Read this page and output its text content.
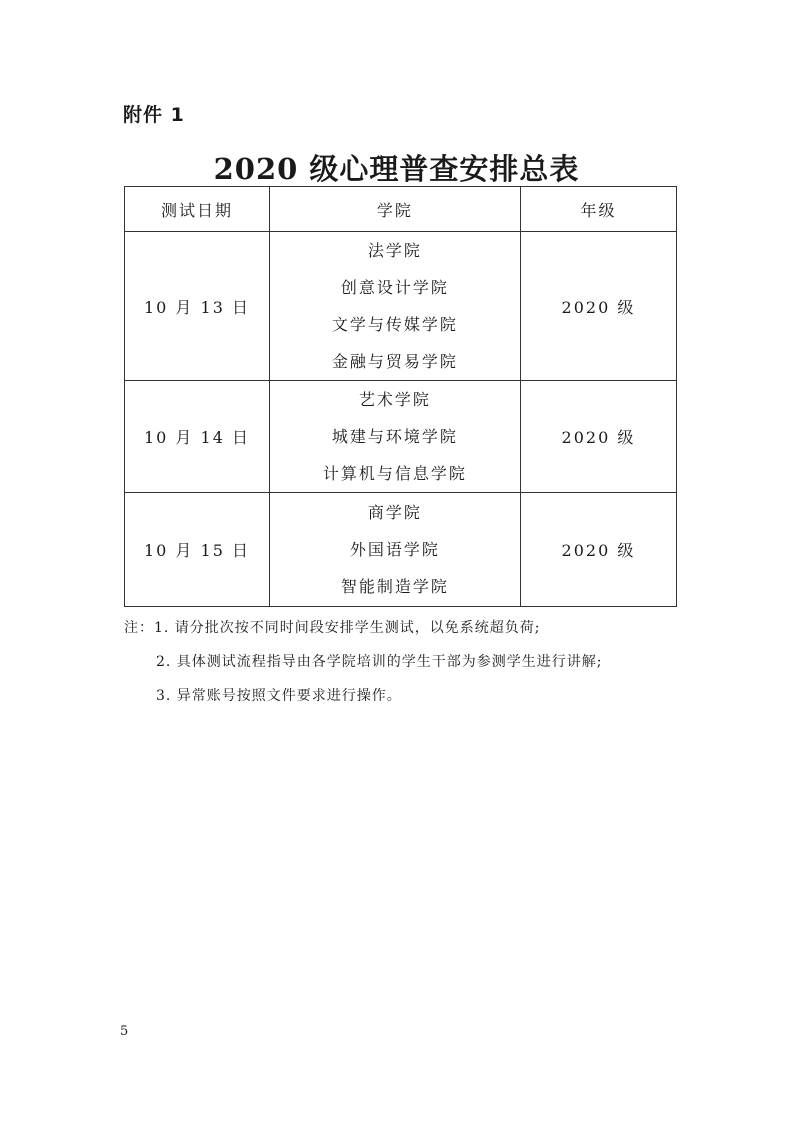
附件 1
2020 级心理普查安排总表
测试日期	学院	年级
10 月 13 日	法学院
创意设计学院
文学与传媒学院
金融与贸易学院	2020 级
10 月 14 日	艺术学院
城建与环境学院
计算机与信息学院	2020 级
10 月 15 日	商学院
外国语学院
智能制造学院	2020 级
注：1. 请分批次按不同时间段安排学生测试，以免系统超负荷;
2. 具体测试流程指导由各学院培训的学生干部为参测学生进行讲解;
3. 异常账号按照文件要求进行操作。
5
